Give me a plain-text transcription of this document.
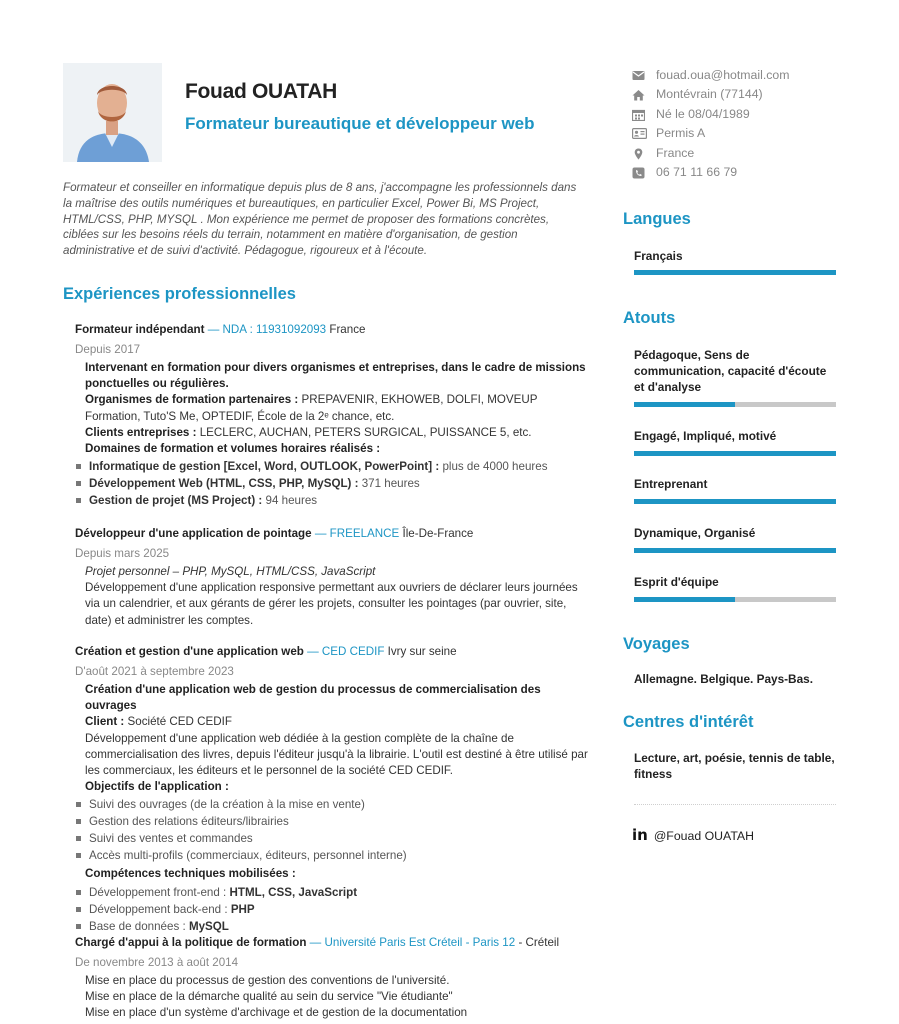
Fouad OUATAH
Formateur bureautique et développeur web
Formateur et conseiller en informatique depuis plus de 8 ans, j'accompagne les professionnels dans la maîtrise des outils numériques et bureautiques, en particulier Excel, Power Bi, MS Project, HTML/CSS, PHP, MYSQL . Mon expérience me permet de proposer des formations concrètes, ciblées sur les besoins réels du terrain, notamment en matière d'organisation, de gestion administrative et de suivi d'activité. Pédagogue, rigoureux et à l'écoute.
Expériences professionnelles
Formateur indépendant — NDA : 11931092093 France
Depuis 2017
Intervenant en formation pour divers organismes et entreprises, dans le cadre de missions ponctuelles ou régulières.
Organismes de formation partenaires : PREPAVENIR, EKHOWEB, DOLFI, MOVEUP Formation, Tuto'S Me, OPTEDIF, École de la 2ᵉ chance, etc.
Clients entreprises : LECLERC, AUCHAN, PETERS SURGICAL, PUISSANCE 5, etc.
Domaines de formation et volumes horaires réalisés :
Informatique de gestion [Excel, Word, OUTLOOK, PowerPoint] : plus de 4000 heures
Développement Web (HTML, CSS, PHP, MySQL) : 371 heures
Gestion de projet (MS Project) : 94 heures
Développeur d'une application de pointage — FREELANCE Île-De-France
Depuis mars 2025
Projet personnel – PHP, MySQL, HTML/CSS, JavaScript
Développement d'une application responsive permettant aux ouvriers de déclarer leurs journées via un calendrier, et aux gérants de gérer les projets, consulter les pointages (par ouvrier, site, date) et administrer les comptes.
Création et gestion d'une application web — CED CEDIF Ivry sur seine
D'août 2021 à septembre 2023
Création d'une application web de gestion du processus de commercialisation des ouvrages
Client : Société CED CEDIF
Développement d'une application web dédiée à la gestion complète de la chaîne de commercialisation des livres, depuis l'éditeur jusqu'à la librairie. L'outil est destiné à être utilisé par les commerciaux, les éditeurs et le personnel de la société CED CEDIF.
Objectifs de l'application :
Suivi des ouvrages (de la création à la mise en vente)
Gestion des relations éditeurs/librairies
Suivi des ventes et commandes
Accès multi-profils (commerciaux, éditeurs, personnel interne)
Compétences techniques mobilisées :
Développement front-end : HTML, CSS, JavaScript
Développement back-end : PHP
Base de données : MySQL
Chargé d'appui à la politique de formation — Université Paris Est Créteil - Paris 12 - Créteil
De novembre 2013 à août 2014
Mise en place du processus de gestion des conventions de l'université.
Mise en place de la démarche qualité au sein du service "Vie étudiante"
Mise en place d'un système d'archivage et de gestion de la documentation
fouad.oua@hotmail.com
Montévrain (77144)
Né le 08/04/1989
Permis A
France
06 71 11 66 79
Langues
Français
Atouts
Pédagoque, Sens de communication, capacité d'écoute et d'analyse
Engagé, Impliqué, motivé
Entreprenant
Dynamique, Organisé
Esprit d'équipe
Voyages
Allemagne. Belgique. Pays-Bas.
Centres d'intérêt
Lecture, art, poésie, tennis de table, fitness
in @Fouad OUATAH
